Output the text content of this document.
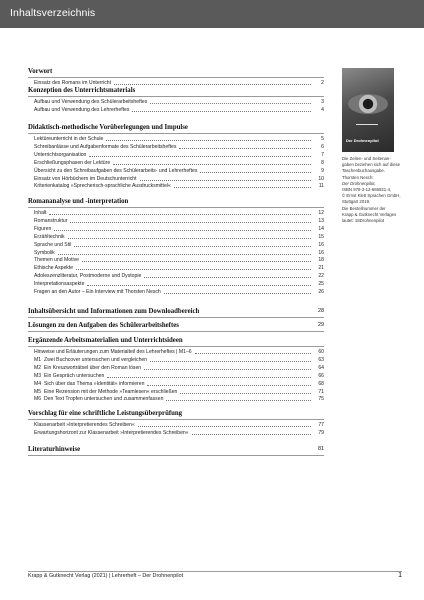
Inhaltsverzeichnis
Vorwort
Einsatz des Romans im Unterricht	2
Konzeption des Unterrichtsmaterials
Aufbau und Verwendung des Schülerarbeitsheftes	3
Aufbau und Verwendung des Lehrerheftes	4
Didaktisch-methodische Vorüberlegungen und Impulse
Lektüreunterricht in der Schule	5
Schreibanlässe und Aufgabenformate des Schülerarbeitsheftes	6
Unterrichtsorganisation	7
Erschließungsphasen der Lektüre	8
Übersicht zu den Schreibaufgaben des Schülerarbeits- und Lehrerheftes	9
Einsatz von Hörbüchern im Deutschunterricht	10
Kriterienkatalog »Sprecherisch-sprachliche Ausdrucksmittel«	11
Romananalyse und -interpretation
Inhalt	12
Romanstruktur	13
Figuren	14
Erzähltechnik	15
Sprache und Stil	16
Symbolik	16
Themen und Motive	18
Ethische Aspekte	21
Adoleszenzliteratur, Postmoderne und Dystopie	22
Interpretationsaspekte	25
Fragen an den Autor – Ein Interview mit Thorsten Nesch	26
Inhaltsübersicht und Informationen zum Downloadbereich	28
Lösungen zu den Aufgaben des Schülerarbeitsheftes	29
Ergänzende Arbeitsmaterialien und Unterrichtsideen
Hinweise und Erläuterungen zum Materialteil des Lehrerheftes | M1–6	60
M1 Zwei Buchcover untersuchen und vergleichen	63
M2 Ein Kreuzworträtsel über den Roman lösen	64
M3 Ein Gespräch untersuchen	66
M4 Sich über das Thema »Identität« informieren	68
M5 Eine Rezension mit der Methode »Teamlesen« erschließen	71
M6 Den Text Tropfen untersuchen und zusammenfassen	75
Vorschlag für eine schriftliche Leistungsüberprüfung
Klassenarbeit »Interpretierendes Schreiben«	77
Erwartungshorizont zur Klassenarbeit »Interpretierendes Schreiben«	79
Literaturhinweise	81
Der Drohnenpilot
Die Zeilen- und Seitenan-
gaben beziehen sich auf diese
Taschenbuchausgabe.
Thorsten Nesch:
Der Drohnenpilot,
ISBN 978-3-12-666921-4,
© Ernst Klett Sprachen GmbH,
Stuttgart 2019.
Die Bestellnummer der
Krapp & Gutknecht Verlages
lautet: 18Drohnenpilot
Krapp & Gutknecht Verlag (2021) | Lehrerheft – Der Drohnenpilot	1
